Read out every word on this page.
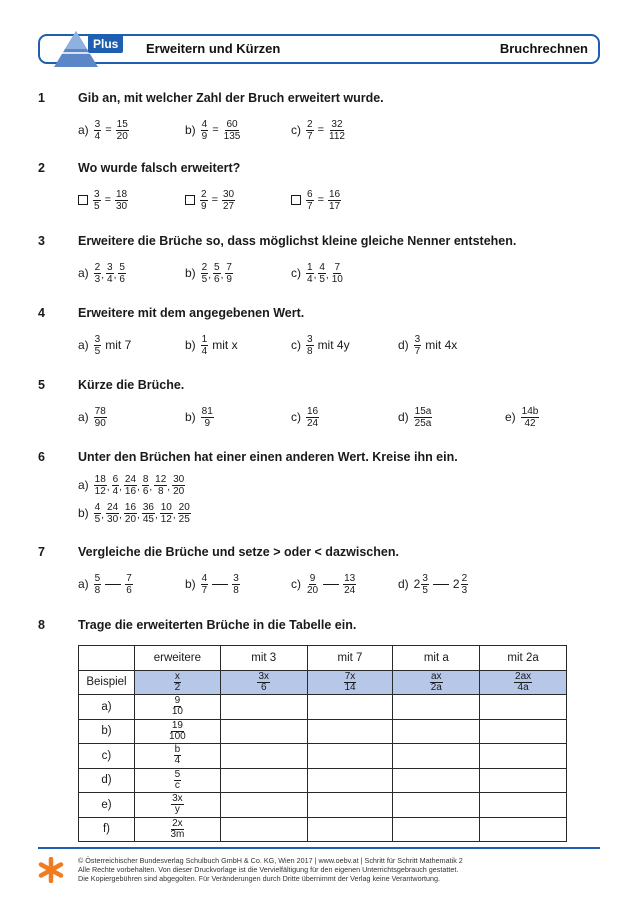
Plus	Erweitern und Kürzen	Bruchrechnen
1	Gib an, mit welcher Zahl der Bruch erweitert wurde.
$a) \frac{3}{4} = \frac{15}{20}$	$b) \frac{4}{9} = \frac{60}{135}$	$c) \frac{2}{7} = \frac{32}{112}$
2	Wo wurde falsch erweitert?
$\frac{3}{5} = \frac{18}{30}$	$\frac{2}{9} = \frac{30}{27}$	$\frac{6}{7} = \frac{16}{17}$
3	Erweitere die Brüche so, dass möglichst kleine gleiche Nenner entstehen.
$a) \frac{2}{3}$ , $\frac{3}{4}$ , $\frac{5}{6}$	$b) \frac{2}{5}$ , $\frac{5}{6}$ , $\frac{7}{9}$	$c) \frac{1}{4}$ , $\frac{4}{5}$ , $\frac{7}{10}$
4	Erweitere mit dem angegebenen Wert.
$a) \frac{3}{5}$ mit 7	$b) \frac{1}{4}$ mit x	$c) \frac{3}{8}$ mit 4y	$d) \frac{3}{7}$ mit 4x
5	Kürze die Brüche.
$a) \frac{78}{90}$	$b) \frac{81}{9}$	$c) \frac{16}{24}$	$d) \frac{15a}{25a}$	$e) \frac{14b}{42}$
6	Unter den Brüchen hat einer einen anderen Wert. Kreise ihn ein.
$a) \frac{18}{12}$ , $\frac{6}{4}$ , $\frac{24}{16}$ , $\frac{8}{6}$ , $\frac{12}{8}$ , $\frac{30}{20}$
$b) \frac{4}{5}$ , $\frac{24}{30}$ , $\frac{16}{20}$ , $\frac{36}{45}$ , $\frac{10}{12}$ , $\frac{20}{25}$
7	Vergleiche die Brüche und setze > oder < dazwischen.
$a) \frac{5}{8} \frac{7}{6}$	$b) \frac{4}{7} \frac{3}{8}$	$c) \frac{9}{20} \frac{13}{24}$	d) $2 \frac{3}{5} 2 \frac{2}{3}$
8	Trage die erweiterten Brüche in die Tabelle ein.
	erweitere	mit 3	mit 7	mit a	mit 2a
Beispiel	$\frac{x}{2}$	$\frac{3x}{6}$	$\frac{7x}{14}$	$\frac{ax}{2a}$	$\frac{2ax}{4a}$

a)	$\frac{9}{10}$

b)	$\frac{19}{100}$

c)	$\frac{b}{4}$

d)	$\frac{5}{c}$

e)	$\frac{3x}{y}$

f)	$\frac{2x}{3m}$

© Österreichischer Bundesverlag Schulbuch GmbH & Co. KG, Wien 2017 | www.oebv.at | Schritt für Schritt Mathematik 2
Alle Rechte vorbehalten. Von dieser Druckvorlage ist die Vervielfältigung für den eigenen Unterrichtsgebrauch gestattet.
Die Kopiergebühren sind abgegolten. Für Veränderungen durch Dritte übernimmt der Verlag keine Verantwortung.
